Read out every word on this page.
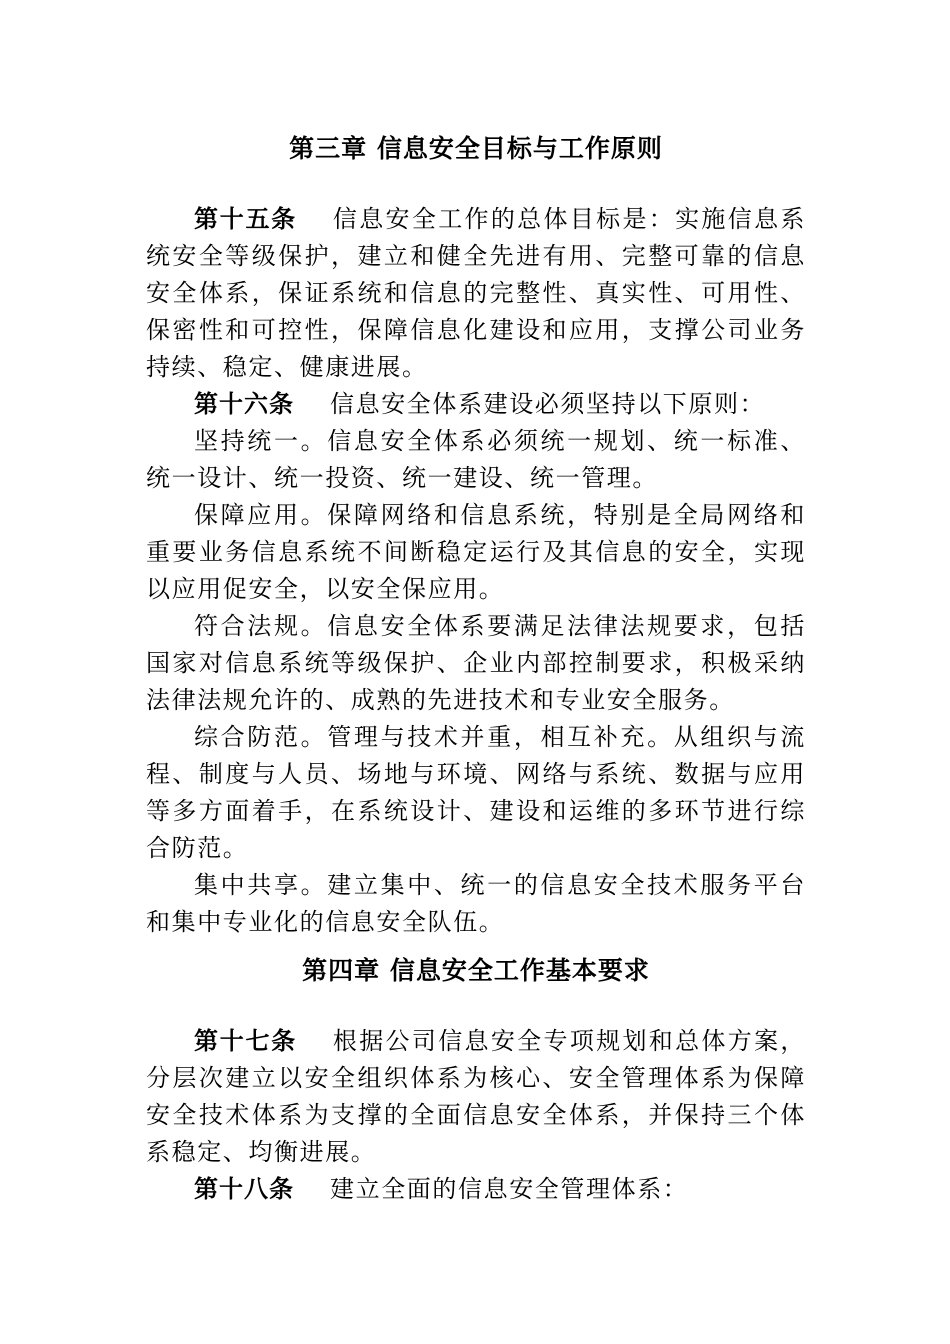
第三章 信息安全目标与工作原则

第十五条 信息安全工作的总体目标是：实施信息系统安全等级保护，建立和健全先进有用、完整可靠的信息安全体系，保证系统和信息的完整性、真实性、可用性、保密性和可控性，保障信息化建设和应用，支撑公司业务持续、稳定、健康进展。

第十六条 信息安全体系建设必须坚持以下原则：

坚持统一。信息安全体系必须统一规划、统一标准、统一设计、统一投资、统一建设、统一管理。

保障应用。保障网络和信息系统，特别是全局网络和重要业务信息系统不间断稳定运行及其信息的安全，实现以应用促安全，以安全保应用。

符合法规。信息安全体系要满足法律法规要求，包括国家对信息系统等级保护、企业内部控制要求，积极采纳法律法规允许的、成熟的先进技术和专业安全服务。

综合防范。管理与技术并重，相互补充。从组织与流程、制度与人员、场地与环境、网络与系统、数据与应用等多方面着手，在系统设计、建设和运维的多环节进行综合防范。

集中共享。建立集中、统一的信息安全技术服务平台和集中专业化的信息安全队伍。

第四章 信息安全工作基本要求

第十七条 根据公司信息安全专项规划和总体方案，分层次建立以安全组织体系为核心、安全管理体系为保障安全技术体系为支撑的全面信息安全体系，并保持三个体系稳定、均衡进展。

第十八条 建立全面的信息安全管理体系：
